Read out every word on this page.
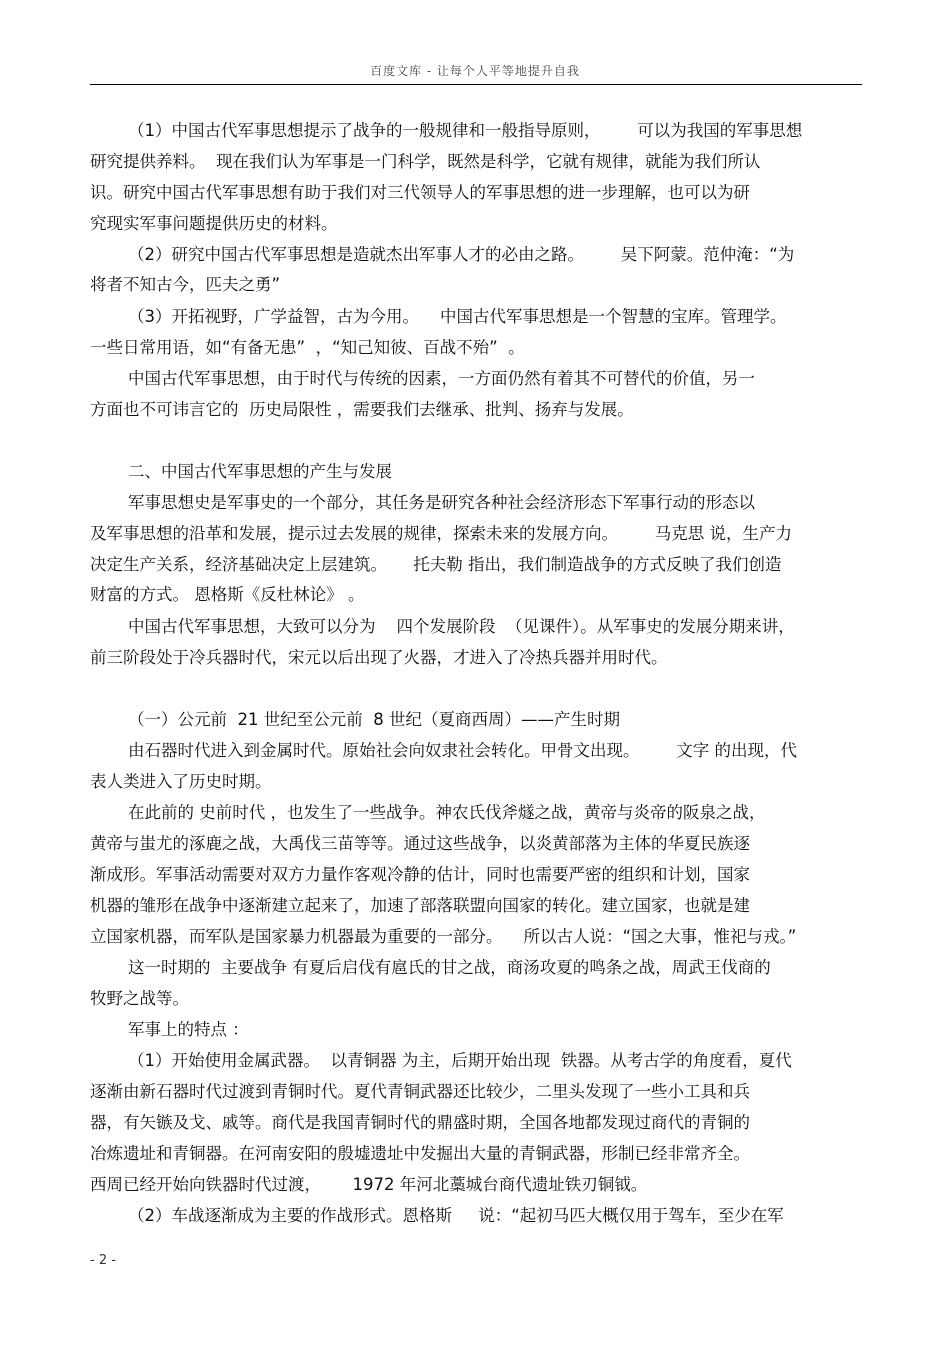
百度文库 - 让每个人平等地提升自我
（1）中国古代军事思想提示了战争的一般规律和一般指导原则，       可以为我国的军事思想
研究提供养料。  现在我们认为军事是一门科学，既然是科学，它就有规律，就能为我们所认
识。研究中国古代军事思想有助于我们对三代领导人的军事思想的进一步理解，也可以为研
究现实军事问题提供历史的材料。
（2）研究中国古代军事思想是造就杰出军事人才的必由之路。       吴下阿蒙。范仲淹：“为
将者不知古今，匹夫之勇”
（3）开拓视野，广学益智，古为今用。    中国古代军事思想是一个智慧的宝库。管理学。
一些日常用语，如“有备无患”  ，“知己知彼、百战不殆”  。
中国古代军事思想，由于时代与传统的因素，一方面仍然有着其不可替代的价值，另一
方面也不可讳言它的  历史局限性 ，需要我们去继承、批判、扬弃与发展。
二、中国古代军事思想的产生与发展
军事思想史是军事史的一个部分，其任务是研究各种社会经济形态下军事行动的形态以
及军事思想的沿革和发展，提示过去发展的规律，探索未来的发展方向。       马克思 说，生产力
决定生产关系，经济基础决定上层建筑。     托夫勒 指出，我们制造战争的方式反映了我们创造
财富的方式。 恩格斯《反杜林论》 。
中国古代军事思想，大致可以分为    四个发展阶段  （见课件）。从军事史的发展分期来讲，
前三阶段处于冷兵器时代，宋元以后出现了火器，才进入了冷热兵器并用时代。
（一）公元前  21 世纪至公元前  8 世纪（夏商西周）——产生时期
由石器时代进入到金属时代。原始社会向奴隶社会转化。甲骨文出现。       文字 的出现，代
表人类进入了历史时期。
在此前的 史前时代 ，也发生了一些战争。神农氏伐斧燧之战，黄帝与炎帝的阪泉之战，
黄帝与蚩尤的涿鹿之战，大禹伐三苗等等。通过这些战争，以炎黄部落为主体的华夏民族逐
渐成形。军事活动需要对双方力量作客观冷静的估计，同时也需要严密的组织和计划，国家
机器的雏形在战争中逐渐建立起来了，加速了部落联盟向国家的转化。建立国家，也就是建
立国家机器，而军队是国家暴力机器最为重要的一部分。    所以古人说：“国之大事，惟祀与戎。”
这一时期的  主要战争 有夏后启伐有扈氏的甘之战，商汤攻夏的鸣条之战，周武王伐商的
牧野之战等。
军事上的特点 ：
（1）开始使用金属武器。  以青铜器 为主，后期开始出现  铁器。从考古学的角度看，夏代
逐渐由新石器时代过渡到青铜时代。夏代青铜武器还比较少，二里头发现了一些小工具和兵
器，有矢镞及戈、戚等。商代是我国青铜时代的鼎盛时期，全国各地都发现过商代的青铜的
冶炼遗址和青铜器。在河南安阳的殷墟遗址中发掘出大量的青铜武器，形制已经非常齐全。
西周已经开始向铁器时代过渡，      1972 年河北藁城台商代遗址铁刃铜钺。
（2）车战逐渐成为主要的作战形式。恩格斯     说：“起初马匹大概仅用于驾车，至少在军
- 2 -
